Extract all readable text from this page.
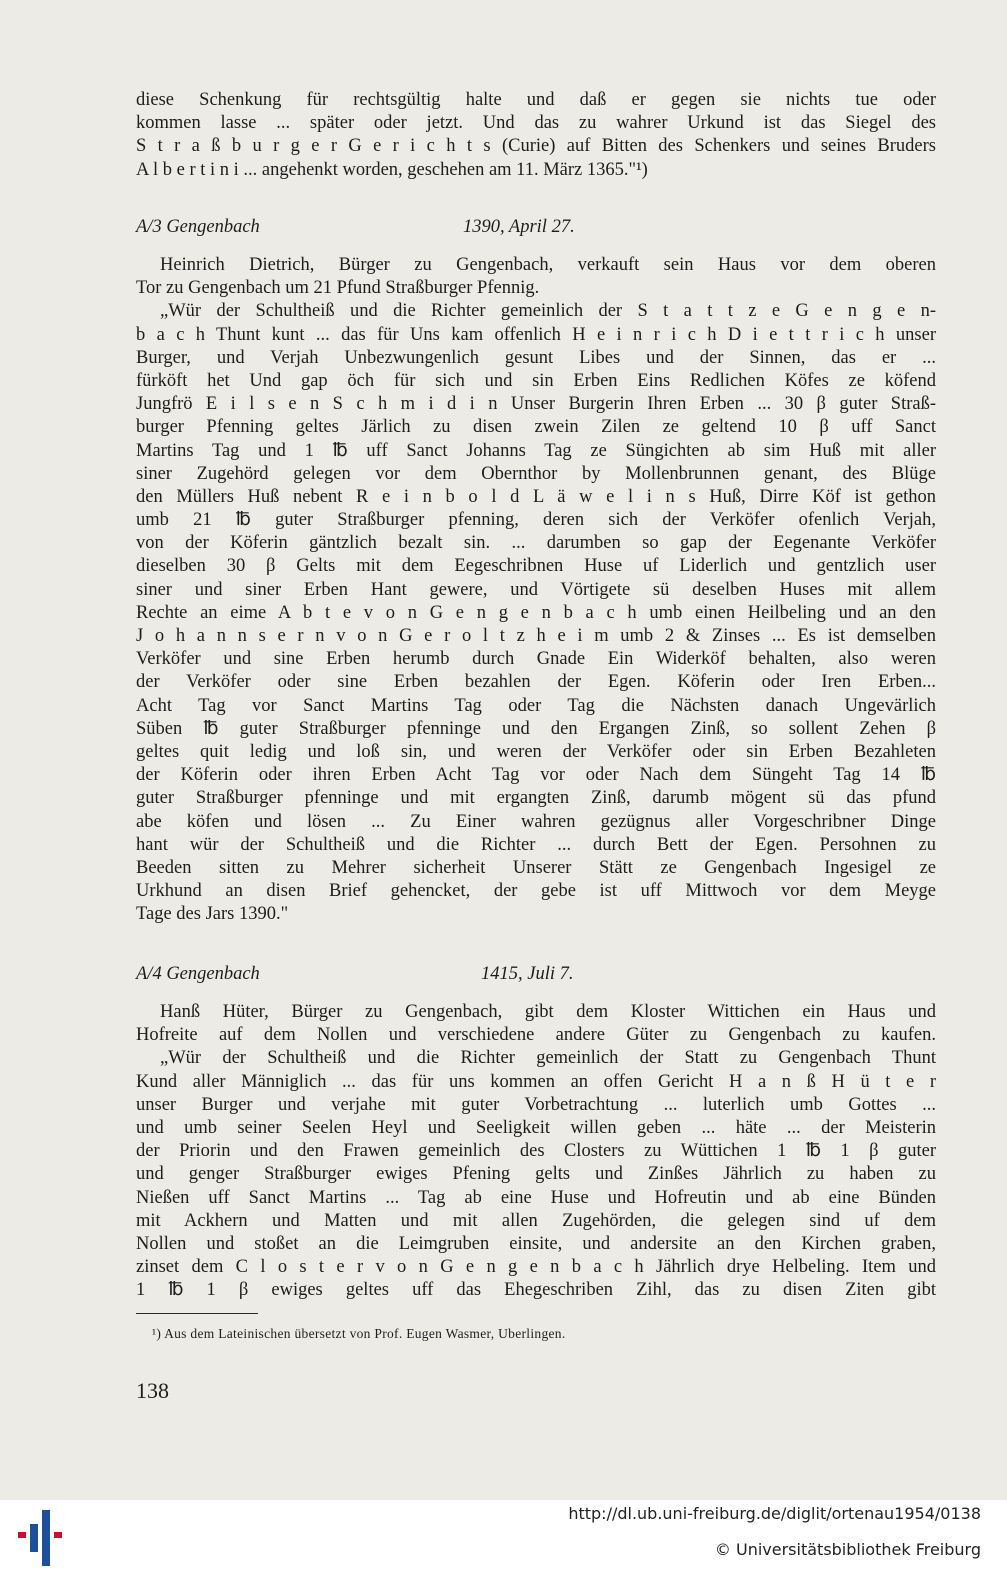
diese Schenkung für rechtsgültig halte und daß er gegen sie nichts tue oder
kommen lasse ... später oder jetzt. Und das zu wahrer Urkund ist das Siegel des
S t r a ß b u r g e r G e r i c h t s (Curie) auf Bitten des Schenkers und seines Bruders
A l b e r t i n i ... angehenkt worden, geschehen am 11. März 1365."¹)
A/3 Gengenbach	1390, April 27.
Heinrich Dietrich, Bürger zu Gengenbach, verkauft sein Haus vor dem oberen
Tor zu Gengenbach um 21 Pfund Straßburger Pfennig.
„Wür der Schultheiß und die Richter gemeinlich der S t a t t z e G e n g e n-
b a c h Thunt kunt ... das für Uns kam offenlich H e i n r i c h D i e t t r i c h unser
Burger, und Verjah Unbezwungenlich gesunt Libes und der Sinnen, das er ...
fürköft het Und gap öch für sich und sin Erben Eins Redlichen Köfes ze köfend
Jungfrö E i l s e n S c h m i d i n Unser Burgerin Ihren Erben ... 30 β guter Straß-
burger Pfenning geltes Järlich zu disen zwein Zilen ze geltend 10 β uff Sanct
Martins Tag und 1 ℔ uff Sanct Johanns Tag ze Süngichten ab sim Huß mit aller
siner Zugehörd gelegen vor dem Obernthor by Mollenbrunnen genant, des Blüge
den Müllers Huß nebent R e i n b o l d L ä w e l i n s Huß, Dirre Köf ist gethon
umb 21 ℔ guter Straßburger pfenning, deren sich der Verköfer ofenlich Verjah,
von der Köferin gäntzlich bezalt sin. ... darumben so gap der Eegenante Verköfer
dieselben 30 β Gelts mit dem Eegeschribnen Huse uf Liderlich und gentzlich user
siner und siner Erben Hant gewere, und Vörtigete sü deselben Huses mit allem
Rechte an eime A b t e v o n G e n g e n b a c h umb einen Heilbeling und an den
J o h a n n s e r n v o n G e r o l t z h e i m umb 2 & Zinses ... Es ist demselben
Verköfer und sine Erben herumb durch Gnade Ein Widerköf behalten, also weren
der Verköfer oder sine Erben bezahlen der Egen. Köferin oder Iren Erben...
Acht Tag vor Sanct Martins Tag oder Tag die Nächsten danach Ungevärlich
Süben ℔ guter Straßburger pfenninge und den Ergangen Zinß, so sollent Zehen β
geltes quit ledig und loß sin, und weren der Verköfer oder sin Erben Bezahleten
der Köferin oder ihren Erben Acht Tag vor oder Nach dem Süngeht Tag 14 ℔
guter Straßburger pfenninge und mit ergangten Zinß, darumb mögent sü das pfund
abe köfen und lösen ... Zu Einer wahren gezügnus aller Vorgeschribner Dinge
hant wür der Schultheiß und die Richter ... durch Bett der Egen. Persohnen zu
Beeden sitten zu Mehrer sicherheit Unserer Stätt ze Gengenbach Ingesigel ze
Urkhund an disen Brief gehencket, der gebe ist uff Mittwoch vor dem Meyge
Tage des Jars 1390."
A/4 Gengenbach	1415, Juli 7.
Hanß Hüter, Bürger zu Gengenbach, gibt dem Kloster Wittichen ein Haus und
Hofreite auf dem Nollen und verschiedene andere Güter zu Gengenbach zu kaufen.
„Wür der Schultheiß und die Richter gemeinlich der Statt zu Gengenbach Thunt
Kund aller Männiglich ... das für uns kommen an offen Gericht H a n ß H ü t e r
unser Burger und verjahe mit guter Vorbetrachtung ... luterlich umb Gottes ...
und umb seiner Seelen Heyl und Seeligkeit willen geben ... häte ... der Meisterin
der Priorin und den Frawen gemeinlich des Closters zu Wüttichen 1 ℔ 1 β guter
und genger Straßburger ewiges Pfening gelts und Zinßes Jährlich zu haben zu
Nießen uff Sanct Martins ... Tag ab eine Huse und Hofreutin und ab eine Bünden
mit Ackhern und Matten und mit allen Zugehörden, die gelegen sind uf dem
Nollen und stoßet an die Leimgruben einsite, und andersite an den Kirchen graben,
zinset dem C l o s t e r v o n G e n g e n b a c h Jährlich drye Helbeling. Item und
1 ℔ 1 β ewiges geltes uff das Ehegeschriben Zihl, das zu disen Ziten gibt
¹) Aus dem Lateinischen übersetzt von Prof. Eugen Wasmer, Uberlingen.
138
http://dl.ub.uni-freiburg.de/diglit/ortenau1954/0138
© Universitätsbibliothek Freiburg
